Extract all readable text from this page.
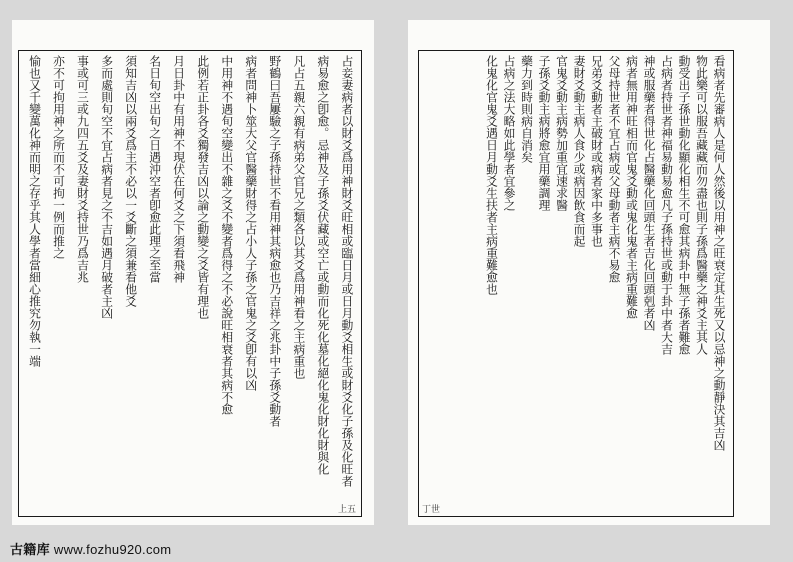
占妾妻病者以財爻爲用神財爻旺相或臨日月或日月動爻相生或財爻化子孫及化旺者
病易愈之卽愈。忌神及子孫爻伏藏或空亡或動而化死化墓化絕化鬼化財化財與化
凡占五親六親有病弟父官兄之類各以其爻爲用神看之主病重也
野鶴曰吾屢驗之子孫持世不看用神其病愈也乃吉祥之兆卦中子孫爻動者
病者問神卜筮大父官醫藥財得之占小人子孫之官鬼之爻卽有以凶
中用神不遇旬空變出不雜之爻不變者爲得之不必說旺相衰者其病不愈
此例若正卦各爻獨發吉凶以論之動變之爻皆有理也
月日卦中有用神不現伏在何爻之下須看飛神
名日旬空出旬之日遇沖空者卽愈此理之至當
須知吉凶以兩爻爲主不必以一爻斷之須兼看他爻
多而處則旬空不宜占病者見之不吉如遇月破者主凶
事或可三或九四五爻及妻財爻持世乃爲吉兆
亦不可拘用神之所而不可拘一例而推之
愉也又千變萬化神而明之存乎其人學者當細心推究勿執一端
上五
看病者先審病人是何人然後以用神之旺衰定其生死又以忌神之動靜決其吉凶
物此樂可以服吾藏藏而勿盡也則子孫爲醫藥之神爻主其人
動受出子孫世動化顯化相生不可愈其病卦中無子孫者難愈
占病者持世者神福易動易愈凡子孫持世或動于卦中者大吉
神或服藥者得世化占醫藥化回頭生者吉化回頭剋者凶
病者無用神旺相而官鬼爻動或鬼化鬼者主病重難愈
父母持世者不宜占病或父母動者主病不易愈
兄弟爻動者主破財或病者家中多事也
妻財爻動主病人食少或病因飲食而起
官鬼爻動主病勢加重宜速求醫
子孫爻動主病將愈宜用藥調理
藥力到時則病自消矣
占病之法大略如此學者宜參之
化鬼化官鬼爻遇日月動爻生扶者主病重難愈也
丁世
古籍库 www.fozhu920.com
